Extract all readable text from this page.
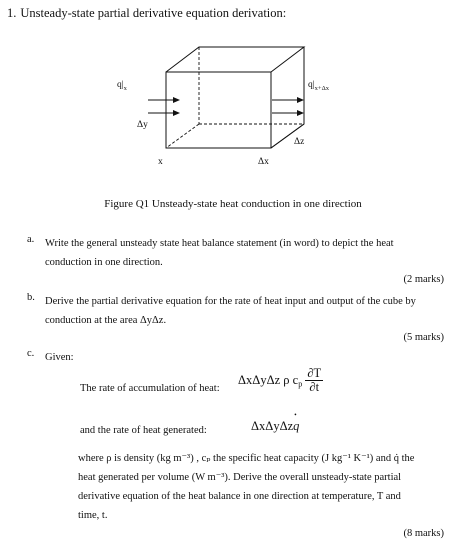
1. Unsteady-state partial derivative equation derivation:
$q|_x$	$q|_{x+\Delta x}$
Δy
Δz
x	Δx
Figure Q1 Unsteady-state heat conduction in one direction
a. Write the general unsteady state heat balance statement (in word) to depict the heat
conduction in one direction.
(2 marks)
b. Derive the partial derivative equation for the rate of heat input and output of the cube by
conduction at the area ΔyΔz.
(5 marks)
c. Given:
The rate of accumulation of heat:
ΔxΔyΔz ρ $c_p \frac{\partial T}{\partial t}$
and the rate of heat generated:	ΔxΔyΔz• q
where ρ is density (kg m⁻³) , cₚ the specific heat capacity (J kg⁻¹ K⁻¹) and q̇ the
heat generated per volume (W m⁻³). Derive the overall unsteady-state partial
derivative equation of the heat balance in one direction at temperature, T and
time, t.
(8 marks)
